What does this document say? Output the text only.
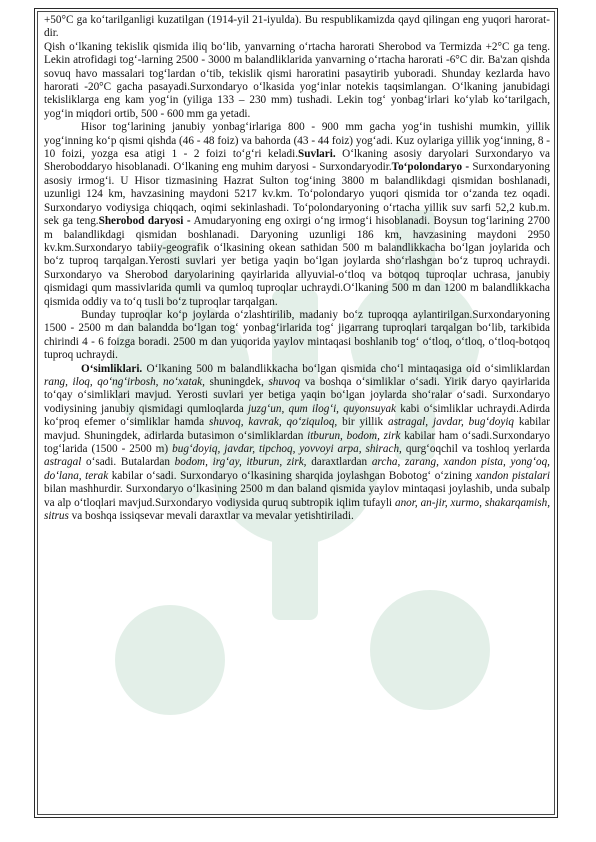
+50°C ga ko‘tarilganligi kuzatilgan (1914-yil 21-iyulda). Bu respublikamizda qayd qilingan eng yuqori haroratdir.

Qish o‘lkaning tekislik qismida iliq bo‘lib, yanvarning o‘rtacha harorati Sherobod va Termizda +2°C ga teng. Lekin atrofidagi tog‘-larning 2500 - 3000 m balandliklarida yanvarning o‘rtacha harorati -6°C dir. Ba'zan qishda sovuq havo massalari tog‘lardan o‘tib, tekislik qismi haroratini pasaytirib yuboradi. Shunday kezlarda havo harorati -20°C gacha pasayadi.Surxondaryo o‘lkasida yog‘inlar notekis taqsimlangan. O‘lkaning janubidagi tekisliklarga eng kam yog‘in (yiliga 133 – 230 mm) tushadi. Lekin tog‘ yonbag‘irlari ko‘ylab ko‘tarilgach, yog‘in miqdori ortib, 500 - 600 mm ga yetadi.

Hisor tog‘larining janubiy yonbag‘irlariga 800 - 900 mm gacha yog‘in tushishi mumkin, yillik yog‘inning ko‘p qismi qishda (46 - 48 foiz) va bahorda (43 - 44 foiz) yog‘adi. Kuz oylariga yillik yog‘inning, 8 - 10 foizi, yozga esa atigi 1 - 2 foizi to‘g‘ri keladi.Suvlari. O‘lkaning asosiy daryolari Surxondaryo va Sheroboddaryo hisoblanadi. O‘lkaning eng muhim daryosi - Surxondaryodir.To‘polondaryo - Surxondaryoning asosiy irmog‘i. U Hisor tizmasining Hazrat Sulton tog‘ining 3800 m balandlikdagi qismidan boshlanadi, uzunligi 124 km, havzasining maydoni 5217 kv.km. To‘polondaryo yuqori qismida tor o‘zanda tez oqadi. Surxondaryo vodiysiga chiqqach, oqimi sekinlashadi. To‘polondaryoning o‘rtacha yillik suv sarfi 52,2 kub.m. sek ga teng.Sherobod daryosi - Amudaryoning eng oxirgi o‘ng irmog‘i hisoblanadi. Boysun tog‘larining 2700 m balandlikdagi qismidan boshlanadi. Daryoning uzunligi 186 km, havzasining maydoni 2950 kv.km.Surxondaryo tabiiy-geografik o‘lkasining okean sathidan 500 m balandlikkacha bo‘lgan joylarida och bo‘z tuproq tarqalgan.Yerosti suvlari yer betiga yaqin bo‘lgan joylarda sho‘rlashgan bo‘z tuproq uchraydi. Surxondaryo va Sherobod daryolarining qayirlarida allyuvial-o‘tloq va botqoq tuproqlar uchrasa, janubiy qismidagi qum massivlarida qumli va qumloq tuproqlar uchraydi.O‘lkaning 500 m dan 1200 m balandlikkacha qismida oddiy va to‘q tusli bo‘z tuproqlar tarqalgan.

Bunday tuproqlar ko‘p joylarda o‘zlashtirilib, madaniy bo‘z tuproqqa aylantirilgan.Surxondaryoning 1500 - 2500 m dan balandda bo‘lgan tog‘ yonbag‘irlarida tog‘ jigarrang tuproqlari tarqalgan bo‘lib, tarkibida chirindi 4 - 6 foizga boradi. 2500 m dan yuqorida yaylov mintaqasi boshlanib tog‘ o‘tloq, o‘tloq, o‘tloq-botqoq tuproq uchraydi.

O‘simliklari. O‘lkaning 500 m balandlikkacha bo‘lgan qismida cho‘l mintaqasiga oid o‘simliklardan rang, iloq, qo‘ng‘irbosh, no‘xatak, shuningdek, shuvoq va boshqa o‘simliklar o‘sadi. Yirik daryo qayirlarida to‘qay o‘simliklari mavjud. Yerosti suvlari yer betiga yaqin bo‘lgan joylarda sho‘ralar o‘sadi. Surxondaryo vodiysining janubiy qismidagi qumloqlarda juzg‘un, qum ilog‘i, quyonsuyak kabi o‘simliklar uchraydi.Adirda ko‘proq efemer o‘simliklar hamda shuvoq, kavrak, qo‘ziquloq, bir yillik astragal, javdar, bug‘doyiq kabilar mavjud. Shuningdek, adirlarda butasimon o‘simliklardan itburun, bodom, zirk kabilar ham o‘sadi.Surxondaryo tog‘larida (1500 - 2500 m) bug‘doyiq, javdar, tipchoq, yovvoyi arpa, shirach, qurg‘oqchil va toshloq yerlarda astragal o‘sadi. Butalardan bodom, irg‘ay, itburun, zirk, daraxtlardan archa, zarang, xandon pista, yong‘oq, do‘lana, terak kabilar o‘sadi. Surxondaryo o‘lkasining sharqida joylashgan Bobotog‘ o‘zining xandon pistalari bilan mashhurdir. Surxondaryo o‘lkasining 2500 m dan baland qismida yaylov mintaqasi joylashib, unda subalp va alp o‘tloqlari mavjud.Surxondaryo vodiysida quruq subtropik iqlim tufayli anor, an-jir, xurmo, shakarqamish, sitrus va boshqa issiqsevar mevali daraxtlar va mevalar yetishtiriladi.
